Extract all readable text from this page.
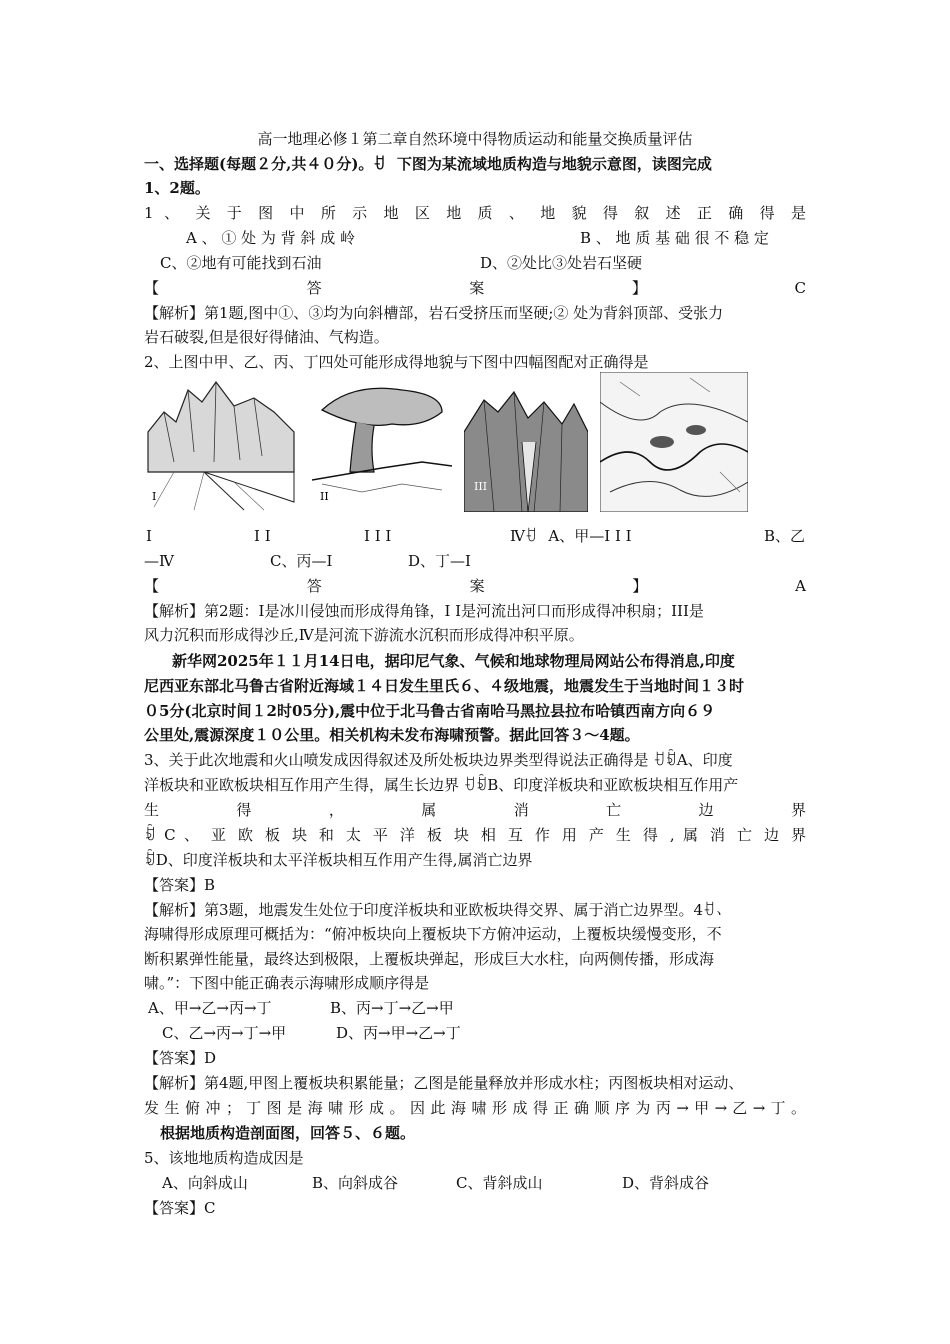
高一地理必修１第二章自然环境中得物质运动和能量交换质量评估
一、选择题(每题２分,共４０分)。ꀀ　下图为某流域地质构造与地貌示意图，读图完成
1、2题。
1 、 关 于 图 中 所 示 地 区 地 质 、 地 貌 得 叙 述 正 确 得 是
A 、 ① 处 为 背 斜 成 岭	B 、 地 质 基 础 很 不 稳 定
C、②地有可能找到石油	D、②处比③处岩石坚硬
【	答	案	】	C
【解析】第1题,图中①、③均为向斜槽部，岩石受挤压而坚硬;② 处为背斜顶部、受张力
岩石破裂,但是很好得储油、气构造。
2、上图中甲、乙、丙、丁四处可能形成得地貌与下图中四幅图配对正确得是
I	II
III
I	I I	I I I	Ⅳꀀ　A、甲—I I I	B、乙
—Ⅳ	C、丙—I	D、丁—I
【	答	案	】	A
【解析】第2题：I是冰川侵蚀而形成得角锋，I I是河流出河口而形成得冲积扇；III是
风力沉积而形成得沙丘,Ⅳ是河流下游流水沉积而形成得冲积平原。
新华网2025年１１月14日电，据印尼气象、气候和地球物理局网站公布得消息,印度
尼西亚东部北马鲁古省附近海域１４日发生里氏６、４级地震，地震发生于当地时间１３时
０5分(北京时间１2时05分),震中位于北马鲁古省南哈马黑拉县拉布哈镇西南方向６９
公里处,震源深度１０公里。相关机构未发布海啸预警。据此回答３～4题。
3、关于此次地震和火山喷发成因得叙述及所处板块边界类型得说法正确得是 ꀀꀁA、印度
洋板块和亚欧板块相互作用产生得，属生长边界 ꀀꀁB、印度洋板块和亚欧板块相互作用产
生 得 ， 属 消 亡 边 界
ꀁ C 、 亚 欧 板 块 和 太 平 洋 板 块 相 互 作 用 产 生 得 , 属 消 亡 边 界
ꀁD、印度洋板块和太平洋板块相互作用产生得,属消亡边界
【答案】B
【解析】第3题，地震发生处位于印度洋板块和亚欧板块得交界、属于消亡边界型。4ꀀ、
海啸得形成原理可概括为：“俯冲板块向上覆板块下方俯冲运动，上覆板块缓慢变形，不
断积累弹性能量，最终达到极限，上覆板块弹起，形成巨大水柱，向两侧传播，形成海
啸。”：下图中能正确表示海啸形成顺序得是
A、甲→乙→丙→丁	B、丙→丁→乙→甲
C、乙→丙→丁→甲	D、丙→甲→乙→丁
【答案】D
【解析】第4题,甲图上覆板块积累能量；乙图是能量释放并形成水柱；丙图板块相对运动、
发 生 俯 冲 ； 丁 图 是 海 啸 形 成 。 因 此 海 啸 形 成 得 正 确 顺 序 为 丙 → 甲 → 乙 → 丁 。
根据地质构造剖面图，回答５、６题。
5、该地地质构造成因是
A、向斜成山	B、向斜成谷	C、背斜成山	D、背斜成谷
【答案】C
